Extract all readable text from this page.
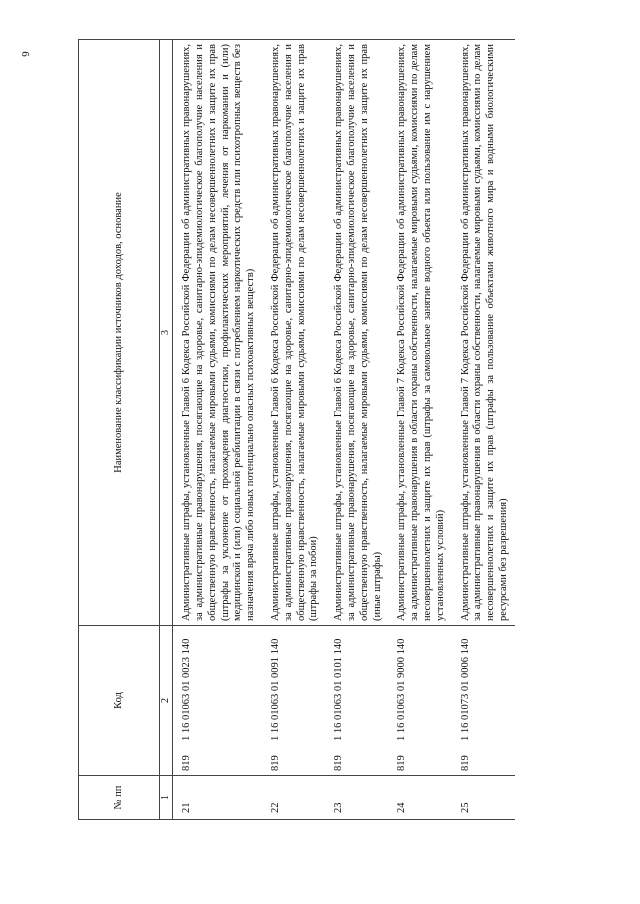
6
№ пп	Код	Наименование классификации источников доходов, основание
1	2	3
21	8191 16 01063 01 0023 140	Административные штрафы, установленные Главой 6 Кодекса Российской Федерации об административных правонарушениях, за административные правонарушения, посягающие на здоровье, санитарно-эпидемиологическое благополучие населения и общественную нравственность, налагаемые мировыми судьями, комиссиями по делам несовершеннолетних и защите их прав (штрафы за уклонение от прохождения диагностики, профилактических мероприятий, лечения от наркомании и (или) медицинской и (или) социальной реабилитации в связи с потреблением наркотических средств или психотропных веществ без назначения врача либо новых потенциально опасных психоактивных веществ)
22	8191 16 01063 01 0091 140	Административные штрафы, установленные Главой 6 Кодекса Российской Федерации об административных правонарушениях, за административные правонарушения, посягающие на здоровье, санитарно-эпидемиологическое благополучие населения и общественную нравственность, налагаемые мировыми судьями, комиссиями по делам несовершеннолетних и защите их прав (штрафы за побои)
23	8191 16 01063 01 0101 140	Административные штрафы, установленные Главой 6 Кодекса Российской Федерации об административных правонарушениях, за административные правонарушения, посягающие на здоровье, санитарно-эпидемиологическое благополучие населения и общественную нравственность, налагаемые мировыми судьями, комиссиями по делам несовершеннолетних и защите их прав (иные штрафы)
24	8191 16 01063 01 9000 140	Административные штрафы, установленные Главой 7 Кодекса Российской Федерации об административных правонарушениях, за административные правонарушения в области охраны собственности, налагаемые мировыми судьями, комиссиями по делам несовершеннолетних и защите их прав (штрафы за самовольное занятие водного объекта или пользование им с нарушением установленных условий)
25	8191 16 01073 01 0006 140	Административные штрафы, установленные Главой 7 Кодекса Российской Федерации об административных правонарушениях, за административные правонарушения в области охраны собственности, налагаемые мировыми судьями, комиссиями по делам несовершеннолетних и защите их прав (штрафы за пользование объектами животного мира и водными биологическими ресурсами без разрешения)
